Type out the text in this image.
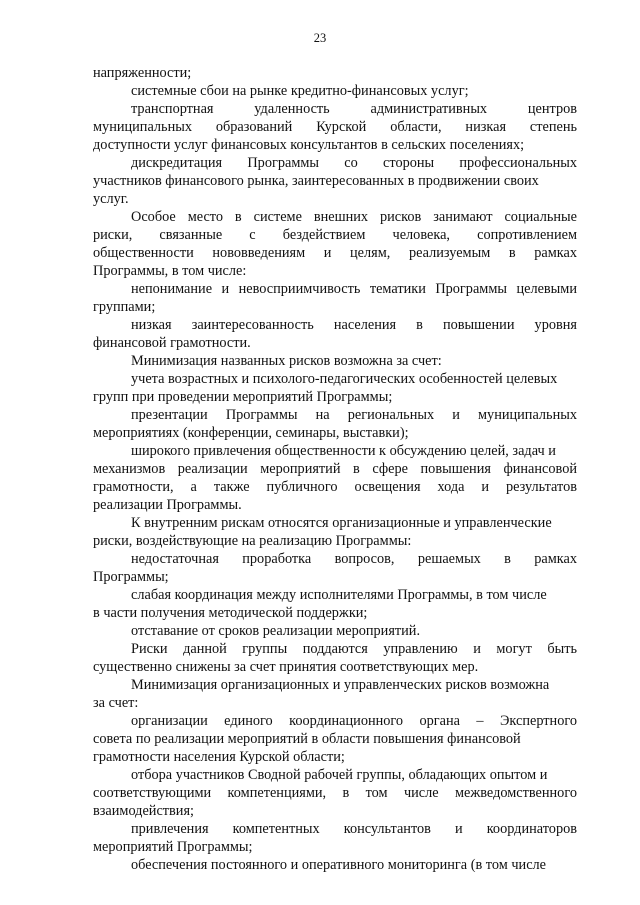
23
напряженности;
системные сбои на рынке кредитно-финансовых услуг;
транспортная удаленность административных центров
муниципальных образований Курской области, низкая степень
доступности услуг финансовых консультантов в сельских поселениях;
дискредитация Программы со стороны профессиональных
участников финансового рынка, заинтересованных в продвижении своих
услуг.
Особое место в системе внешних рисков занимают социальные
риски, связанные с бездействием человека, сопротивлением
общественности нововведениям и целям, реализуемым в рамках
Программы, в том числе:
непонимание и невосприимчивость тематики Программы целевыми
группами;
низкая заинтересованность населения в повышении уровня
финансовой грамотности.
Минимизация названных рисков возможна за счет:
учета возрастных и психолого-педагогических особенностей целевых
групп при проведении мероприятий Программы;
презентации Программы на региональных и муниципальных
мероприятиях (конференции, семинары, выставки);
широкого привлечения общественности к обсуждению целей, задач и
механизмов реализации мероприятий в сфере повышения финансовой
грамотности, а также публичного освещения хода и результатов
реализации Программы.
К внутренним рискам относятся организационные и управленческие
риски, воздействующие на реализацию Программы:
недостаточная проработка вопросов, решаемых в рамках
Программы;
слабая координация между исполнителями Программы, в том числе
в части получения методической поддержки;
отставание от сроков реализации мероприятий.
Риски данной группы поддаются управлению и могут быть
существенно снижены за счет принятия соответствующих мер.
Минимизация организационных и управленческих рисков возможна
за счет:
организации единого координационного органа – Экспертного
совета по реализации мероприятий в области повышения финансовой
грамотности населения Курской области;
отбора участников Сводной рабочей группы, обладающих опытом и
соответствующими компетенциями, в том числе межведомственного
взаимодействия;
привлечения компетентных консультантов и координаторов
мероприятий Программы;
обеспечения постоянного и оперативного мониторинга (в том числе
